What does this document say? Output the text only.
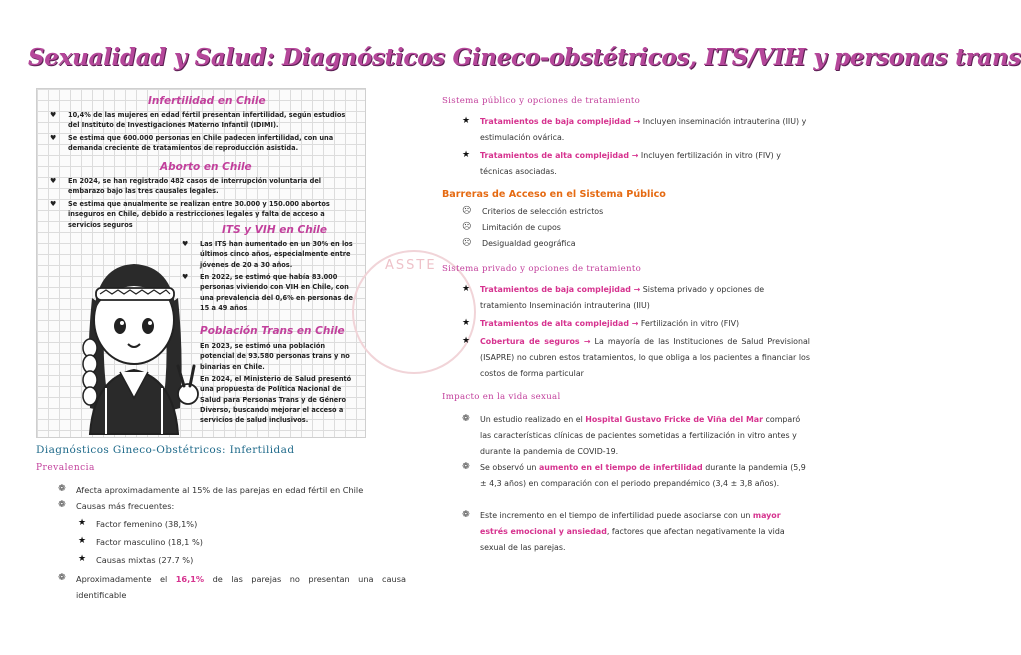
Sexualidad y Salud: Diagnósticos Gineco-obstétricos, ITS/VIH y personas trans
Infertilidad en Chile
♥ 10,4% de las mujeres en edad fértil presentan infertilidad, según estudios del Instituto de Investigaciones Materno Infantil (IDIMI).
♥ Se estima que 600.000 personas en Chile padecen infertilidad, con una demanda creciente de tratamientos de reproducción asistida.
Aborto en Chile
♥ En 2024, se han registrado 482 casos de interrupción voluntaria del embarazo bajo las tres causales legales.
♥ Se estima que anualmente se realizan entre 30.000 y 150.000 abortos inseguros en Chile, debido a restricciones legales y falta de acceso a servicios seguros	ITS y VIH en Chile
♥ Las ITS han aumentado en un 30% en los últimos cinco años, especialmente entre jóvenes de 20 a 30 años.
♥ En 2022, se estimó que había 83.000 personas viviendo con VIH en Chile, con una prevalencia del 0,6% en personas de 15 a 49 años
Población Trans en Chile
En 2023, se estimó una población potencial de 93.580 personas trans y no binarias en Chile.
En 2024, el Ministerio de Salud presentó una propuesta de Política Nacional de Salud para Personas Trans y de Género Diverso, buscando mejorar el acceso a servicios de salud inclusivos.
ASSTE
Diagnósticos Gineco-Obstétricos: Infertilidad
Prevalencia
❁ Afecta aproximadamente al 15% de las parejas en edad fértil en Chile
❁ Causas más frecuentes:
★ Factor femenino (38,1%)
★ Factor masculino (18,1 %)
★ Causas mixtas (27.7 %)
❁ Aproximadamente el 16,1% de las parejas no presentan una causa identificable
Sistema público y opciones de tratamiento
★ Tratamientos de baja complejidad → Incluyen inseminación intrauterina (IIU) y estimulación ovárica.
★ Tratamientos de alta complejidad → Incluyen fertilización in vitro (FIV) y técnicas asociadas.
Barreras de Acceso en el Sistema Público
☹ Criterios de selección estrictos
☹ Limitación de cupos
☹ Desigualdad geográfica
Sistema privado y opciones de tratamiento
★ Tratamientos de baja complejidad → Sistema privado y opciones de tratamiento Inseminación intrauterina (IIU)
★ Tratamientos de alta complejidad → Fertilización in vitro (FIV)
★ Cobertura de seguros → La mayoría de las Instituciones de Salud Previsional (ISAPRE) no cubren estos tratamientos, lo que obliga a los pacientes a financiar los costos de forma particular
Impacto en la vida sexual
❁ Un estudio realizado en el Hospital Gustavo Fricke de Viña del Mar comparó las características clínicas de pacientes sometidas a fertilización in vitro antes y durante la pandemia de COVID-19.
❁ Se observó un aumento en el tiempo de infertilidad durante la pandemia (5,9 ± 4,3 años) en comparación con el periodo prepandémico (3,4 ± 3,8 años).
❁ Este incremento en el tiempo de infertilidad puede asociarse con un mayor estrés emocional y ansiedad, factores que afectan negativamente la vida sexual de las parejas.
